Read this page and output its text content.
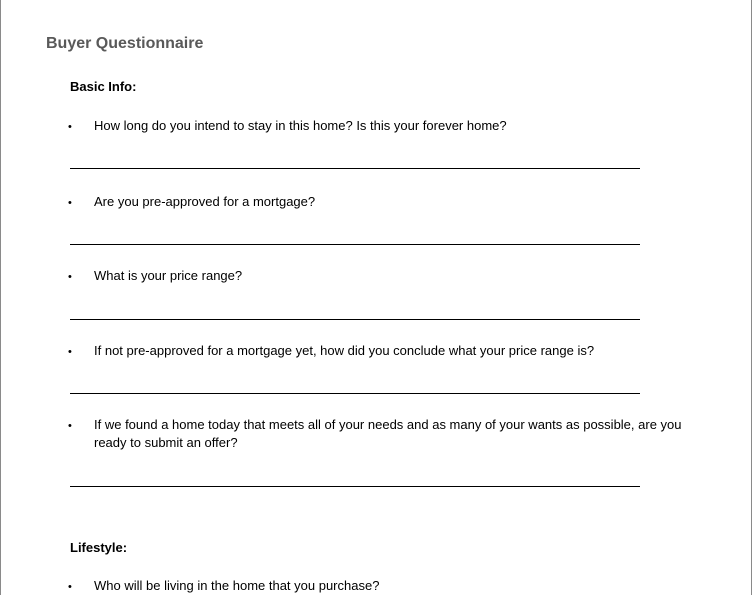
Buyer Questionnaire
Basic Info:
• How long do you intend to stay in this home? Is this your forever home?
• Are you pre-approved for a mortgage?
• What is your price range?
• If not pre-approved for a mortgage yet, how did you conclude what your price range is?
• If we found a home today that meets all of your needs and as many of your wants as possible, are you ready to submit an offer?
Lifestyle:
• Who will be living in the home that you purchase?
